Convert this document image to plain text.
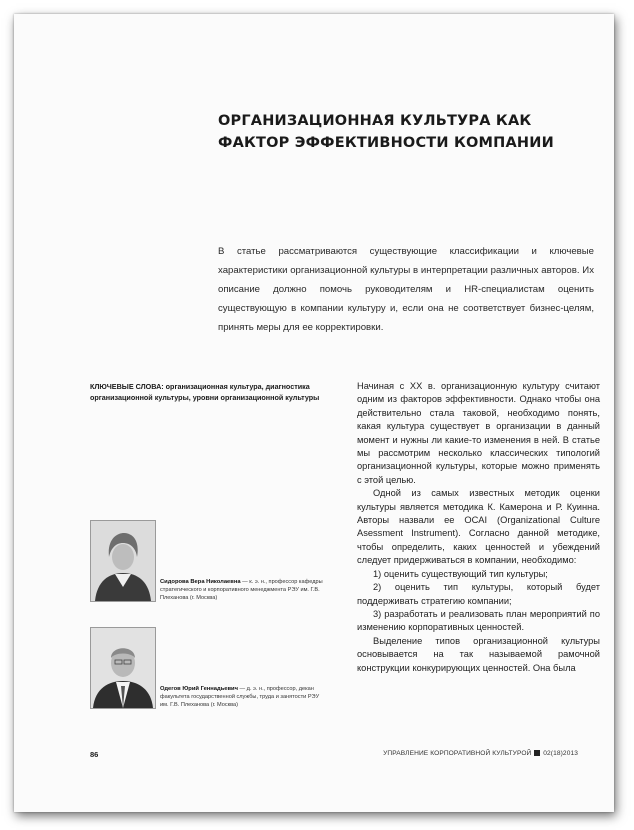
ОРГАНИЗАЦИОННАЯ КУЛЬТУРА КАК ФАКТОР ЭФФЕКТИВНОСТИ КОМПАНИИ

В статье рассматриваются существующие классификации и ключевые характеристики организационной культуры в интерпретации различных авторов. Их описание должно помочь руководителям и HR-специалистам оценить существующую в компании культуру и, если она не соответствует бизнес-целям, принять меры для ее корректировки.

КЛЮЧЕВЫЕ СЛОВА: организационная культура, диагностика организационной культуры, уровни организационной культуры

Начиная с XX в. организационную культуру считают одним из факторов эффективности. Однако чтобы она действительно стала таковой, необходимо понять, какая культура существует в организации в данный момент и нужны ли какие-то изменения в ней. В статье мы рассмотрим несколько классических типологий организационной культуры, которые можно применять с этой целью.

Одной из самых известных методик оценки культуры является методика К. Камерона и Р. Куинна. Авторы назвали ее OCAI (Organizational Culture Asessment Instrument). Согласно данной методике, чтобы определить, каких ценностей и убеждений следует придерживаться в компании, необходимо:

1) оценить существующий тип культуры;

2) оценить тип культуры, который будет поддерживать стратегию компании;

3) разработать и реализовать план мероприятий по изменению корпоративных ценностей.

Выделение типов организационной культуры основывается на так называемой рамочной конструкции конкурирующих ценностей. Она была

Сидорова Вера Николаевна — к. э. н., профессор кафедры стратегического и корпоративного менеджмента РЭУ им. Г.В. Плеханова (г. Москва)

Одегов Юрий Геннадьевич — д. э. н., профессор, декан факультета государственной службы, труда и занятости РЭУ им. Г.В. Плеханова (г. Москва)

86	УПРАВЛЕНИЕ КОРПОРАТИВНОЙ КУЛЬТУРОЙ 02(18)2013
